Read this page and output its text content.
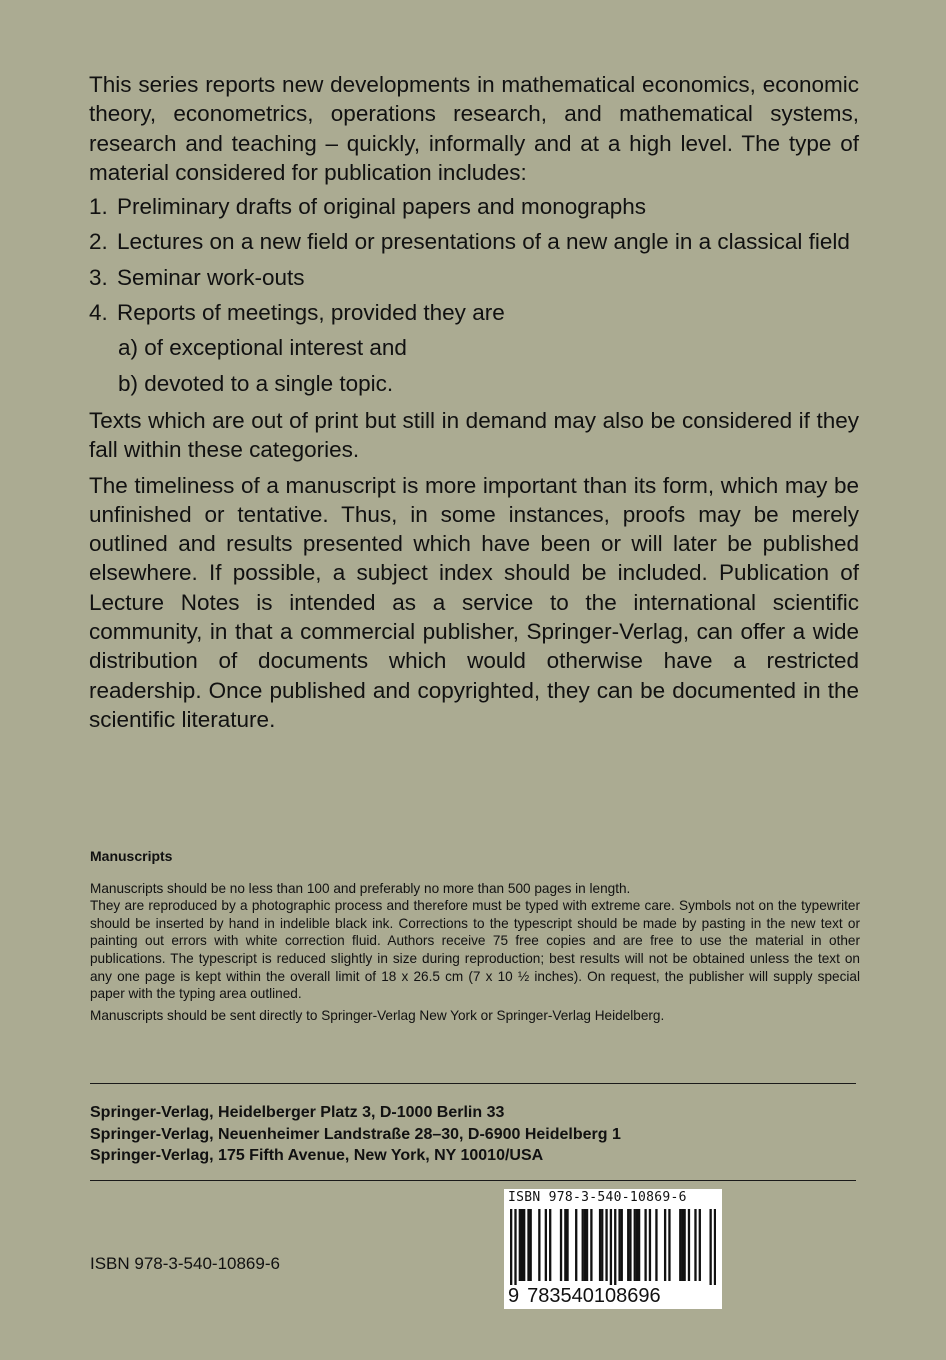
This series reports new developments in mathematical economics, economic theory, econometrics, operations research, and mathematical systems, research and teaching – quickly, informally and at a high level. The type of material considered for publication includes:

1. Preliminary drafts of original papers and monographs
2. Lectures on a new field or presentations of a new angle in a classical field
3. Seminar work-outs
4. Reports of meetings, provided they are
a) of exceptional interest and
b) devoted to a single topic.

Texts which are out of print but still in demand may also be considered if they fall within these categories.

The timeliness of a manuscript is more important than its form, which may be unfinished or tentative. Thus, in some instances, proofs may be merely outlined and results presented which have been or will later be published elsewhere. If possible, a subject index should be included. Publication of Lecture Notes is intended as a service to the international scientific community, in that a commercial publisher, Springer-Verlag, can offer a wide distribution of documents which would otherwise have a restricted readership. Once published and copyrighted, they can be documented in the scientific literature.

Manuscripts

Manuscripts should be no less than 100 and preferably no more than 500 pages in length.

They are reproduced by a photographic process and therefore must be typed with extreme care. Symbols not on the typewriter should be inserted by hand in indelible black ink. Corrections to the typescript should be made by pasting in the new text or painting out errors with white correction fluid. Authors receive 75 free copies and are free to use the material in other publications. The typescript is reduced slightly in size during reproduction; best results will not be obtained unless the text on any one page is kept within the overall limit of 18 x 26.5 cm (7 x 10 ½ inches). On request, the publisher will supply special paper with the typing area outlined.

Manuscripts should be sent directly to Springer-Verlag New York or Springer-Verlag Heidelberg.

Springer-Verlag, Heidelberger Platz 3, D-1000 Berlin 33
Springer-Verlag, Neuenheimer Landstraße 28–30, D-6900 Heidelberg 1
Springer-Verlag, 175 Fifth Avenue, New York, NY 10010/USA
ISBN 978-3-540-10869-6
ISBN 978-3-540-10869-6
9 783540108696
